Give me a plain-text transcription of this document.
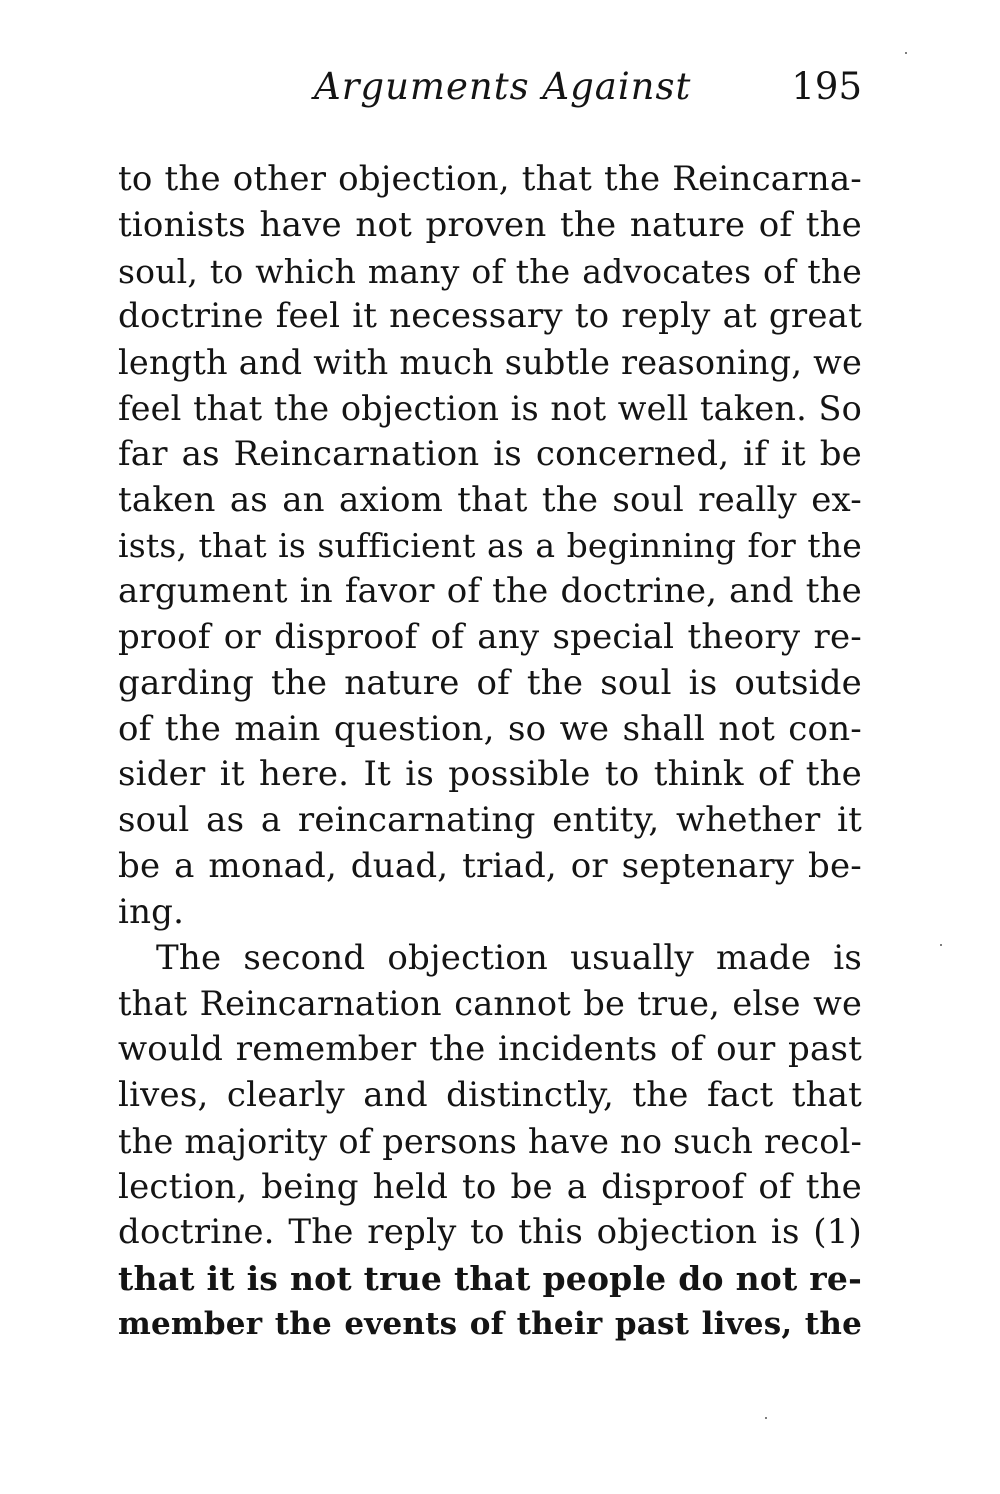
Arguments Against	195
to the other objection, that the Reincarna-
tionists have not proven the nature of the
soul, to which many of the advocates of the
doctrine feel it necessary to reply at great
length and with much subtle reasoning, we
feel that the objection is not well taken. So
far as Reincarnation is concerned, if it be
taken as an axiom that the soul really ex-
ists, that is sufficient as a beginning for the
argument in favor of the doctrine, and the
proof or disproof of any special theory re-
garding the nature of the soul is outside
of the main question, so we shall not con-
sider it here. It is possible to think of the
soul as a reincarnating entity, whether it
be a monad, duad, triad, or septenary be-
ing.
The second objection usually made is
that Reincarnation cannot be true, else we
would remember the incidents of our past
lives, clearly and distinctly, the fact that
the majority of persons have no such recol-
lection, being held to be a disproof of the
doctrine. The reply to this objection is (1)
that it is not true that people do not re-
member the events of their past lives, the
